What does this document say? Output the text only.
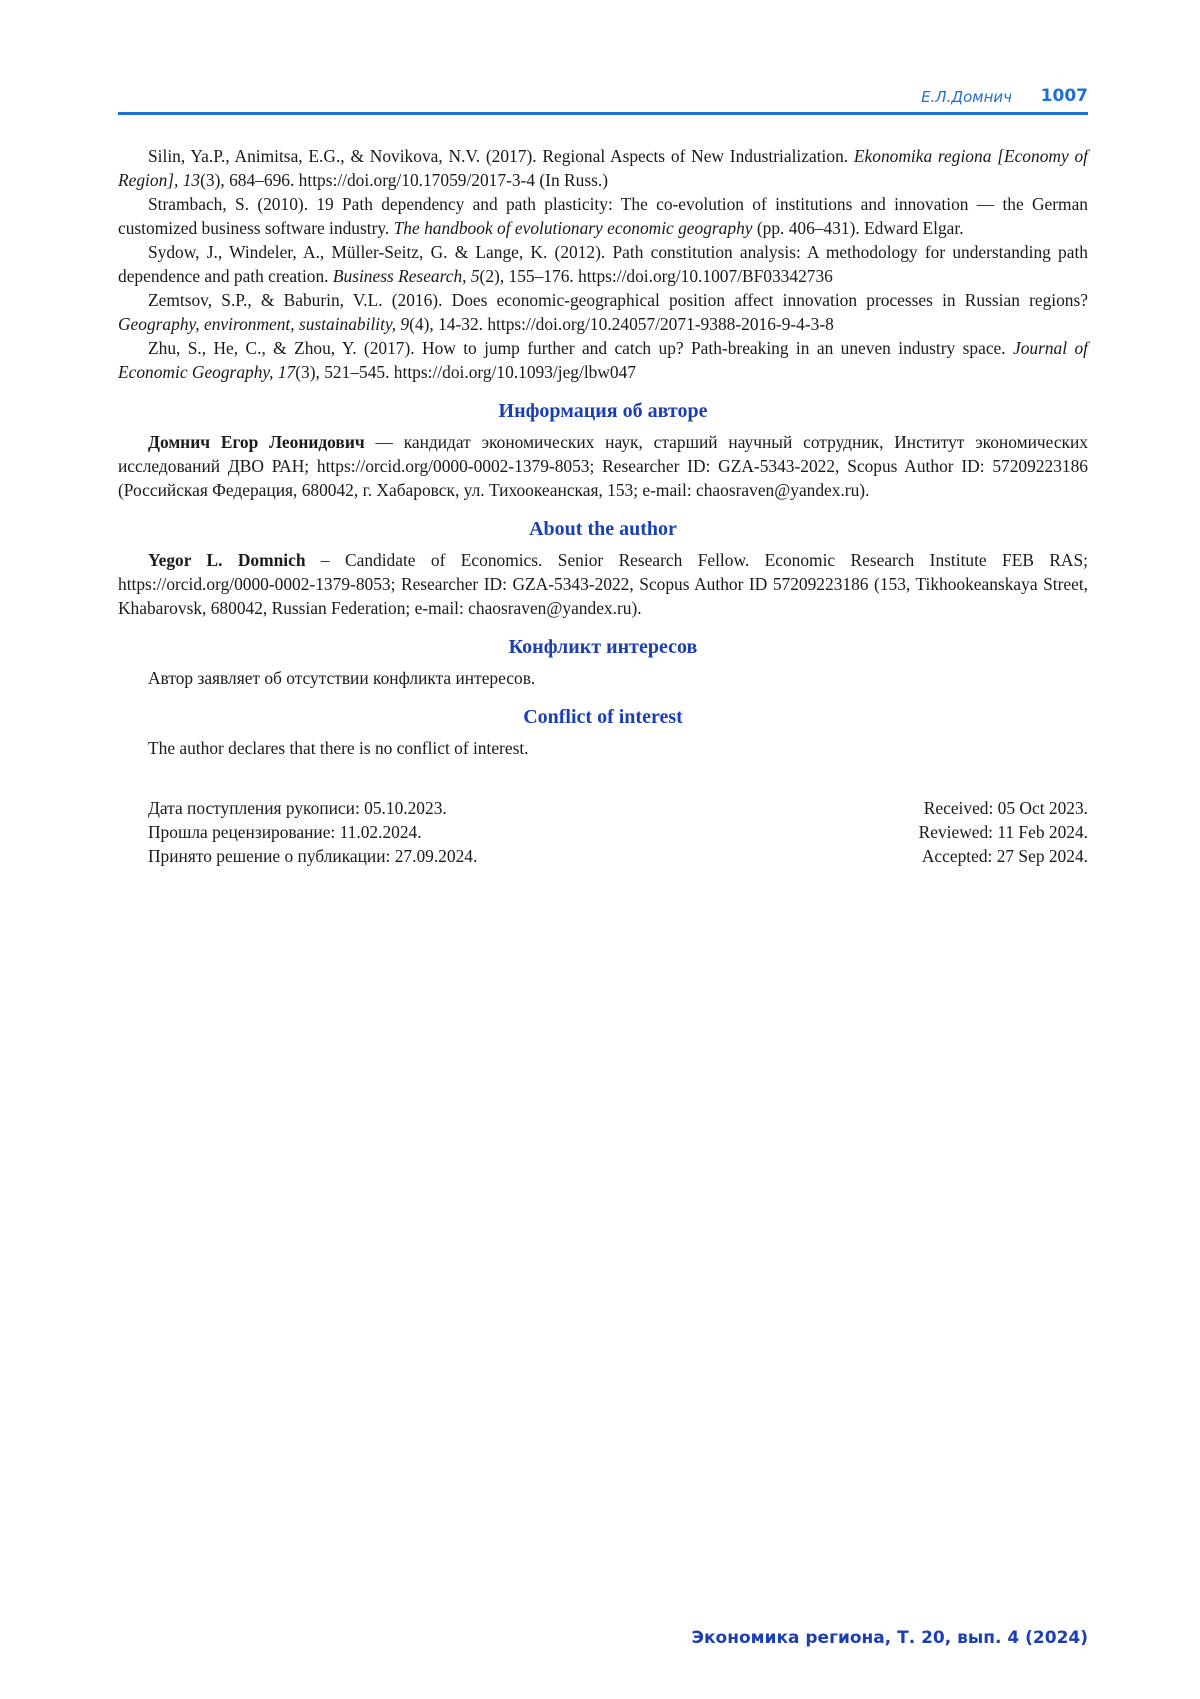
Е.Л.Домнич 1007

Silin, Ya.P., Animitsa, E.G., & Novikova, N.V. (2017). Regional Aspects of New Industrialization. Ekonomika regiona [Economy of Region], 13(3), 684–696. https://doi.org/10.17059/2017-3-4 (In Russ.)

Strambach, S. (2010). 19 Path dependency and path plasticity: The co-evolution of institutions and innovation — the German customized business software industry. The handbook of evolutionary economic geography (pp. 406–431). Edward Elgar.

Sydow, J., Windeler, A., Müller-Seitz, G. & Lange, K. (2012). Path constitution analysis: A methodology for understanding path dependence and path creation. Business Research, 5(2), 155–176. https://doi.org/10.1007/BF03342736

Zemtsov, S.P., & Baburin, V.L. (2016). Does economic-geographical position affect innovation processes in Russian regions? Geography, environment, sustainability, 9(4), 14-32. https://doi.org/10.24057/2071-9388-2016-9-4-3-8

Zhu, S., He, C., & Zhou, Y. (2017). How to jump further and catch up? Path-breaking in an uneven industry space. Journal of Economic Geography, 17(3), 521–545. https://doi.org/10.1093/jeg/lbw047

Информация об авторе

Домнич Егор Леонидович — кандидат экономических наук, старший научный сотрудник, Институт экономических исследований ДВО РАН; https://orcid.org/0000-0002-1379-8053; Researcher ID: GZA-5343-2022, Scopus Author ID: 57209223186 (Российская Федерация, 680042, г. Хабаровск, ул. Тихоокеанская, 153; e-mail: chaosraven@yandex.ru).

About the author

Yegor L. Domnich – Candidate of Economics. Senior Research Fellow. Economic Research Institute FEB RAS; https://orcid.org/0000-0002-1379-8053; Researcher ID: GZA-5343-2022, Scopus Author ID 57209223186 (153, Tikhookeanskaya Street, Khabarovsk, 680042, Russian Federation; e-mail: chaosraven@yandex.ru).

Конфликт интересов

Автор заявляет об отсутствии конфликта интересов.

Conflict of interest

The author declares that there is no conflict of interest.

Дата поступления рукописи: 05.10.2023.
Прошла рецензирование: 11.02.2024.
Принято решение о публикации: 27.09.2024.
Received: 05 Oct 2023.
Reviewed: 11 Feb 2024.
Accepted: 27 Sep 2024.
Экономика региона, Т. 20, вып. 4 (2024)
